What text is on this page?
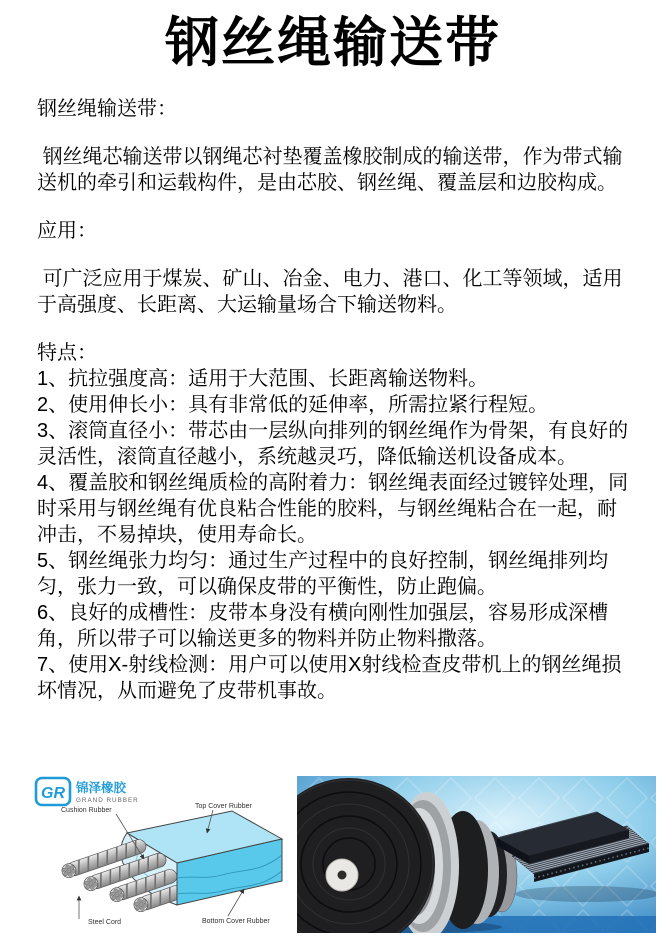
钢丝绳输送带

钢丝绳输送带：

钢丝绳芯输送带以钢绳芯衬垫覆盖橡胶制成的输送带，作为带式输送机的牵引和运载构件，是由芯胶、钢丝绳、覆盖层和边胶构成。

应用：

可广泛应用于煤炭、矿山、冶金、电力、港口、化工等领域，适用于高强度、长距离、大运输量场合下输送物料。

特点：

1、抗拉强度高：适用于大范围、长距离输送物料。

2、使用伸长小：具有非常低的延伸率，所需拉紧行程短。

3、滚筒直径小：带芯由一层纵向排列的钢丝绳作为骨架，有良好的灵活性，滚筒直径越小，系统越灵巧，降低输送机设备成本。

4、覆盖胶和钢丝绳质检的高附着力：钢丝绳表面经过镀锌处理，同时采用与钢丝绳有优良粘合性能的胶料，与钢丝绳粘合在一起，耐冲击，不易掉块，使用寿命长。

5、钢丝绳张力均匀：通过生产过程中的良好控制，钢丝绳排列均匀，张力一致，可以确保皮带的平衡性，防止跑偏。

6、良好的成槽性：皮带本身没有横向刚性加强层，容易形成深槽角，所以带子可以输送更多的物料并防止物料撒落。

7、使用X-射线检测：用户可以使用X射线检查皮带机上的钢丝绳损坏情况，从而避免了皮带机事故。

GR 锦泽橡胶
GRAND RUBBER
Cushion Rubber
Top Cover Rubber
Steel Cord	Bottom Cover Rubber
